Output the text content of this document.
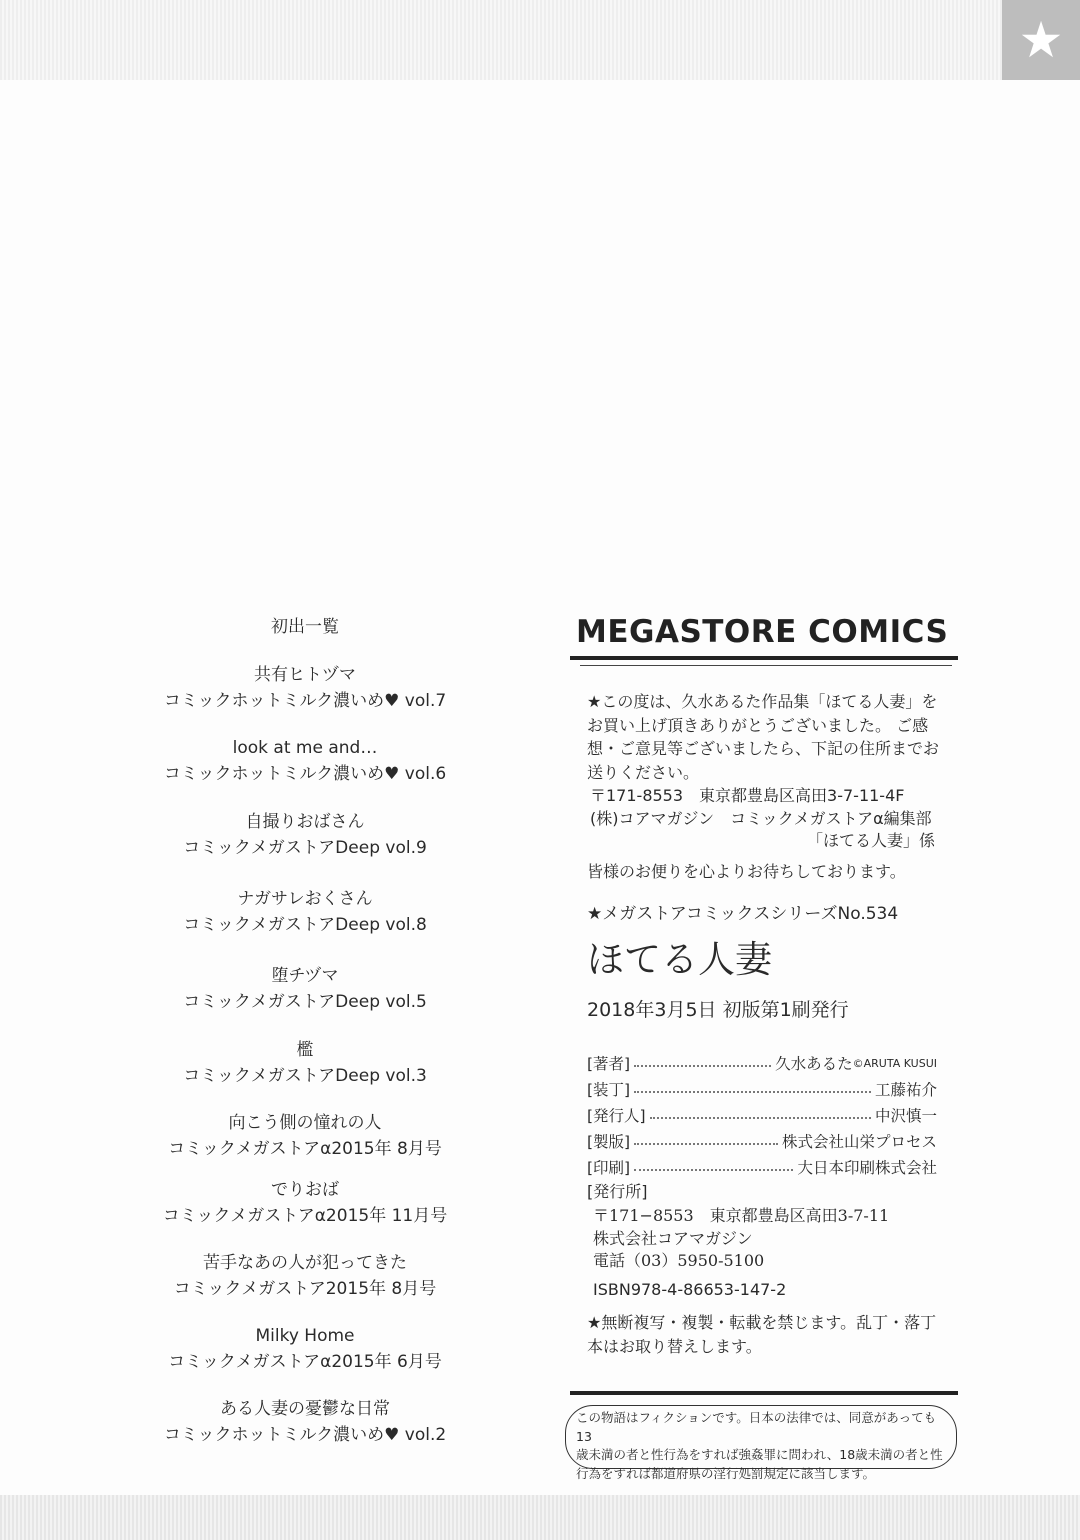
★
初出一覧
共有ヒトヅマ
コミックホットミルク濃いめ♥ vol.7
look at me and…
コミックホットミルク濃いめ♥ vol.6
自撮りおばさん
コミックメガストアDeep vol.9
ナガサレおくさん
コミックメガストアDeep vol.8
堕チヅマ
コミックメガストアDeep vol.5
檻
コミックメガストアDeep vol.3
向こう側の憧れの人
コミックメガストアα2015年 8月号
でりおば
コミックメガストアα2015年 11月号
苦手なあの人が犯ってきた
コミックメガストア2015年 8月号
Milky Home
コミックメガストアα2015年 6月号
ある人妻の憂鬱な日常
コミックホットミルク濃いめ♥ vol.2
MEGASTORE COMICS
★この度は、久水あるた作品集「ほてる人妻」を
お買い上げ頂きありがとうございました。 ご感
想・ご意見等ございましたら、下記の住所までお
送りください。
〒171-8553　東京都豊島区高田3-7-11-4F
(株)コアマガジン　コミックメガストアα編集部
「ほてる人妻」係
皆様のお便りを心よりお待ちしております。
★メガストアコミックスシリーズNo.534
ほてる人妻
2018年3月5日 初版第1刷発行
[著者]	久水あるた ©ARUTA KUSUI
[装丁]	工藤祐介
[発行人]	中沢慎一
[製版]	株式会社山栄プロセス
[印刷]	大日本印刷株式会社
[発行所]
〒171−8553　東京都豊島区高田3-7-11
株式会社コアマガジン
電話（03）5950-5100
ISBN978-4-86653-147-2
★無断複写・複製・転載を禁じます。乱丁・落丁
本はお取り替えします。
この物語はフィクションです。日本の法律では、同意があっても13
歳未満の者と性行為をすれば強姦罪に問われ、18歳未満の者と性
行為をすれば都道府県の淫行処罰規定に該当します。
